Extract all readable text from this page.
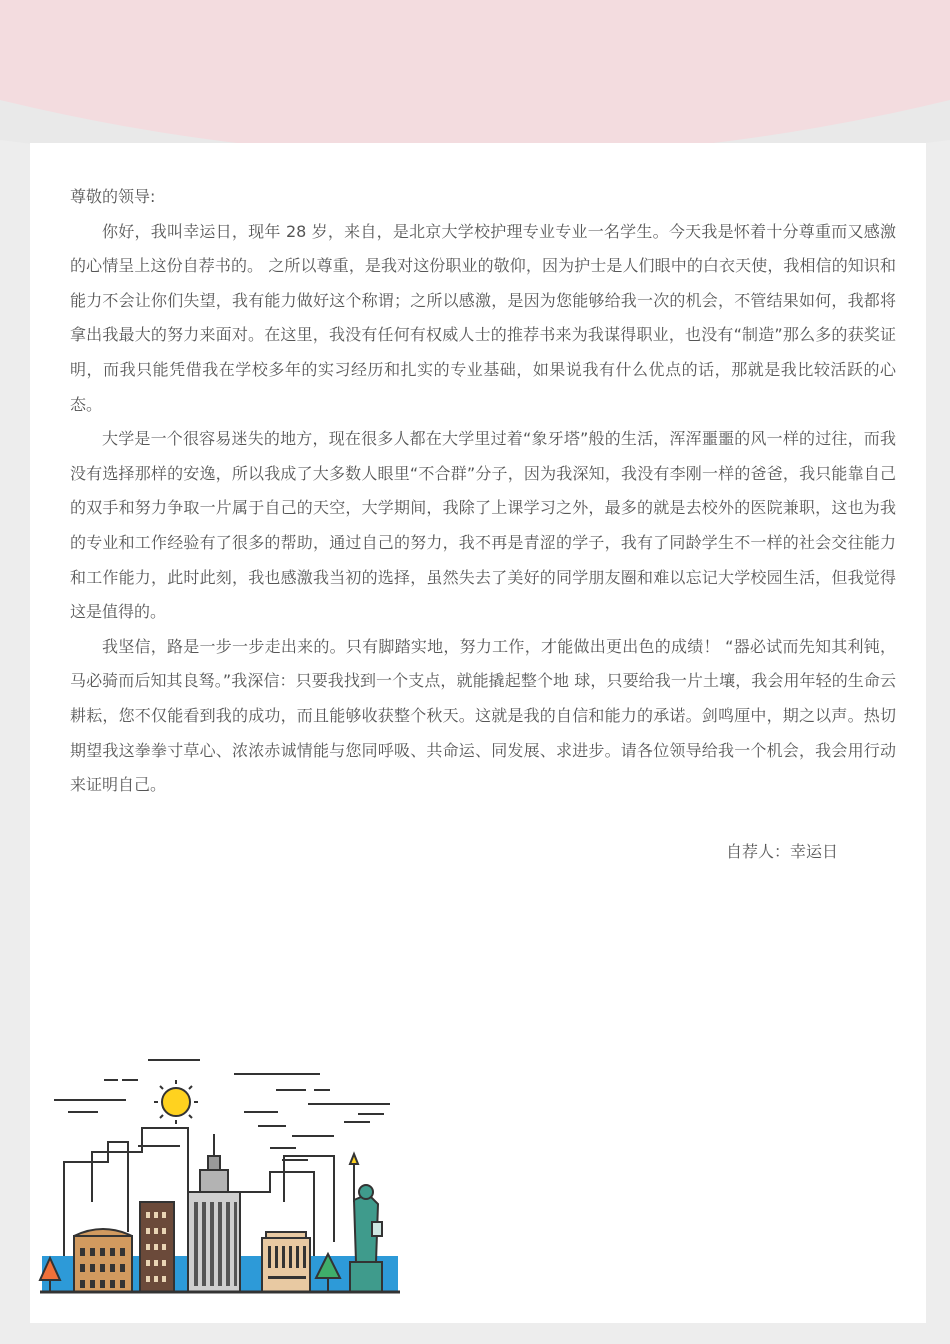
尊敬的领导:

你好，我叫幸运日，现年 28 岁，来自，是北京大学校护理专业专业一名学生。今天我是怀着十分尊重而又感激的心情呈上这份自荐书的。 之所以尊重，是我对这份职业的敬仰，因为护士是人们眼中的白衣天使，我相信的知识和能力不会让你们失望，我有能力做好这个称谓；之所以感激，是因为您能够给我一次的机会，不管结果如何，我都将拿出我最大的努力来面对。在这里，我没有任何有权威人士的推荐书来为我谋得职业，也没有“制造”那么多的获奖证明，而我只能凭借我在学校多年的实习经历和扎实的专业基础，如果说我有什么优点的话，那就是我比较活跃的心态。

大学是一个很容易迷失的地方，现在很多人都在大学里过着“象牙塔”般的生活，浑浑噩噩的风一样的过往，而我没有选择那样的安逸，所以我成了大多数人眼里“不合群”分子，因为我深知，我没有李刚一样的爸爸，我只能靠自己的双手和努力争取一片属于自己的天空，大学期间，我除了上课学习之外，最多的就是去校外的医院兼职，这也为我的专业和工作经验有了很多的帮助，通过自己的努力，我不再是青涩的学子，我有了同龄学生不一样的社会交往能力和工作能力，此时此刻，我也感激我当初的选择，虽然失去了美好的同学朋友圈和难以忘记大学校园生活，但我觉得这是值得的。

我坚信，路是一步一步走出来的。只有脚踏实地，努力工作，才能做出更出色的成绩！ “器必试而先知其利钝，马必骑而后知其良驽。”我深信：只要我找到一个支点，就能撬起整个地 球，只要给我一片土壤，我会用年轻的生命云耕耘，您不仅能看到我的成功，而且能够收获整个秋天。这就是我的自信和能力的承诺。剑鸣厘中，期之以声。热切期望我这拳拳寸草心、浓浓赤诚情能与您同呼吸、共命运、同发展、求进步。请各位领导给我一个机会，我会用行动来证明自己。

自荐人：幸运日
